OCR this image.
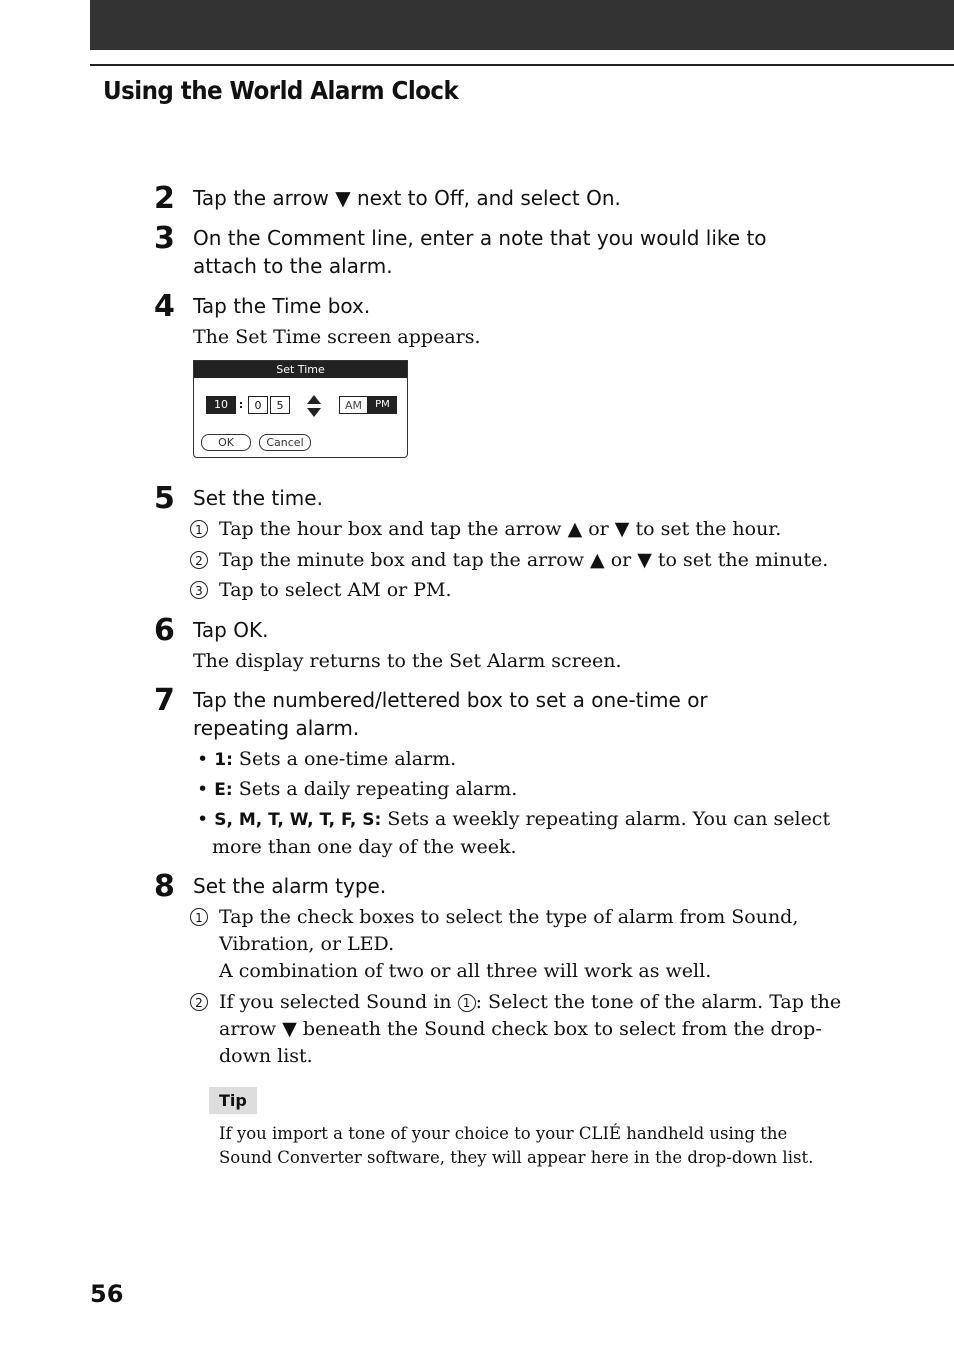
Using the World Alarm Clock
2 Tap the arrow ▼ next to Off, and select On.
3 On the Comment line, enter a note that you would like to attach to the alarm.
4 Tap the Time box.
The Set Time screen appears.
Set Time
10 :	0	5	AM	PM
OK	Cancel
5 Set the time.
1 Tap the hour box and tap the arrow ▲ or ▼ to set the hour.
2 Tap the minute box and tap the arrow ▲ or ▼ to set the minute.
3 Tap to select AM or PM.
6 Tap OK.
The display returns to the Set Alarm screen.
7 Tap the numbered/lettered box to set a one-time or repeating alarm.
• 1: Sets a one-time alarm.
• E: Sets a daily repeating alarm.
• S, M, T, W, T, F, S: Sets a weekly repeating alarm. You can select
more than one day of the week.
8 Set the alarm type.
1 Tap the check boxes to select the type of alarm from Sound,
Vibration, or LED.
A combination of two or all three will work as well.
2 If you selected Sound in 1 : Select the tone of the alarm. Tap the
arrow ▼ beneath the Sound check box to select from the drop-
down list.
Tip
If you import a tone of your choice to your CLIÉ handheld using the
Sound Converter software, they will appear here in the drop-down list.
56
